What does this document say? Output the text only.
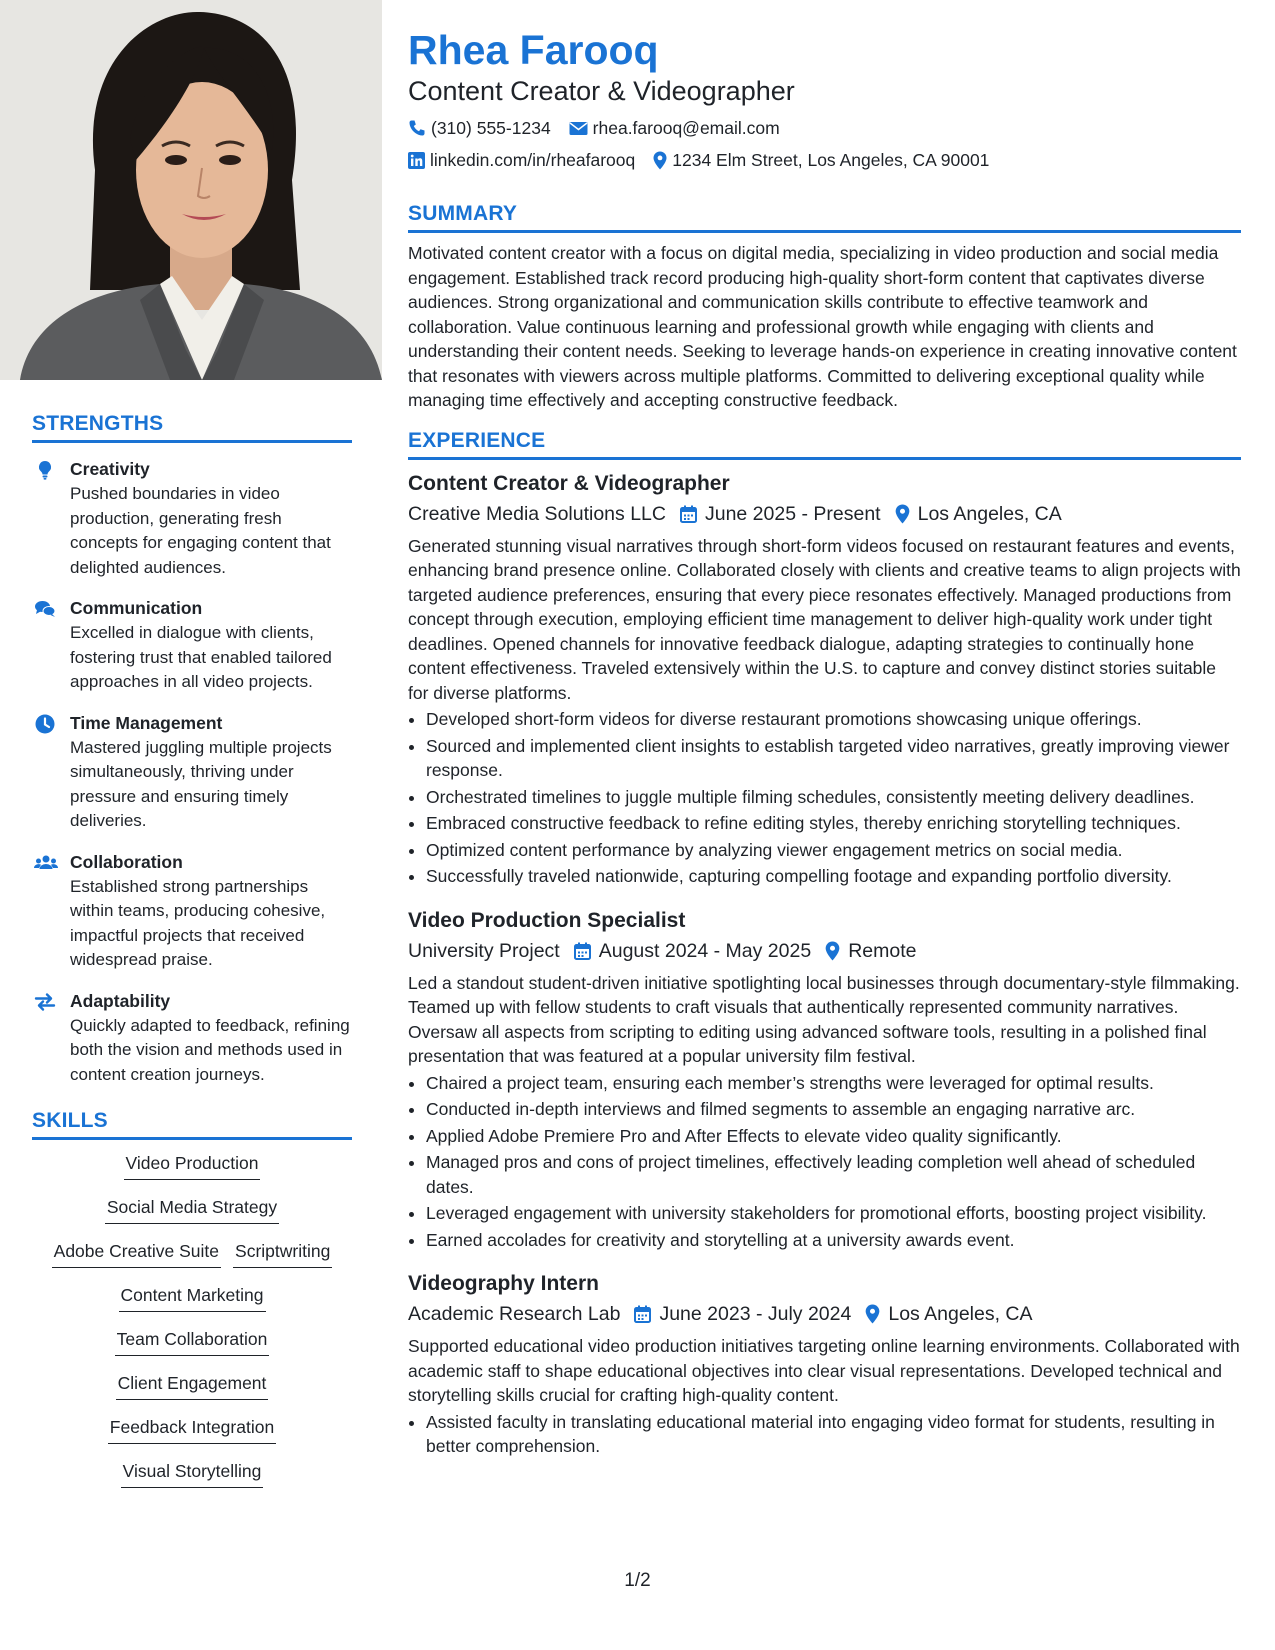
STRENGTHS
Creativity
Pushed boundaries in video production, generating fresh concepts for engaging content that delighted audiences.
Communication
Excelled in dialogue with clients, fostering trust that enabled tailored approaches in all video projects.
Time Management
Mastered juggling multiple projects simultaneously, thriving under pressure and ensuring timely deliveries.
Collaboration
Established strong partnerships within teams, producing cohesive, impactful projects that received widespread praise.
Adaptability
Quickly adapted to feedback, refining both the vision and methods used in content creation journeys.
SKILLS
Video Production
Social Media Strategy
Adobe Creative Suite Scriptwriting
Content Marketing
Team Collaboration
Client Engagement
Feedback Integration
Visual Storytelling
Rhea Farooq
Content Creator & Videographer
(310) 555-1234 rhea.farooq@email.com
linkedin.com/in/rheafarooq 1234 Elm Street, Los Angeles, CA 90001
SUMMARY
Motivated content creator with a focus on digital media, specializing in video production and social media engagement. Established track record producing high-quality short-form content that captivates diverse audiences. Strong organizational and communication skills contribute to effective teamwork and collaboration. Value continuous learning and professional growth while engaging with clients and understanding their content needs. Seeking to leverage hands-on experience in creating innovative content that resonates with viewers across multiple platforms. Committed to delivering exceptional quality while managing time effectively and accepting constructive feedback.
EXPERIENCE
Content Creator & Videographer
Creative Media Solutions LLC June 2025 - Present Los Angeles, CA
Generated stunning visual narratives through short-form videos focused on restaurant features and events, enhancing brand presence online. Collaborated closely with clients and creative teams to align projects with targeted audience preferences, ensuring that every piece resonates effectively. Managed productions from concept through execution, employing efficient time management to deliver high-quality work under tight deadlines. Opened channels for innovative feedback dialogue, adapting strategies to continually hone content effectiveness. Traveled extensively within the U.S. to capture and convey distinct stories suitable for diverse platforms.
• Developed short-form videos for diverse restaurant promotions showcasing unique offerings.
• Sourced and implemented client insights to establish targeted video narratives, greatly improving viewer response.
• Orchestrated timelines to juggle multiple filming schedules, consistently meeting delivery deadlines.
• Embraced constructive feedback to refine editing styles, thereby enriching storytelling techniques.
• Optimized content performance by analyzing viewer engagement metrics on social media.
• Successfully traveled nationwide, capturing compelling footage and expanding portfolio diversity.
Video Production Specialist
University Project August 2024 - May 2025 Remote
Led a standout student-driven initiative spotlighting local businesses through documentary-style filmmaking. Teamed up with fellow students to craft visuals that authentically represented community narratives. Oversaw all aspects from scripting to editing using advanced software tools, resulting in a polished final presentation that was featured at a popular university film festival.
• Chaired a project team, ensuring each member’s strengths were leveraged for optimal results.
• Conducted in-depth interviews and filmed segments to assemble an engaging narrative arc.
• Applied Adobe Premiere Pro and After Effects to elevate video quality significantly.
• Managed pros and cons of project timelines, effectively leading completion well ahead of scheduled dates.
• Leveraged engagement with university stakeholders for promotional efforts, boosting project visibility.
• Earned accolades for creativity and storytelling at a university awards event.
Videography Intern
Academic Research Lab June 2023 - July 2024 Los Angeles, CA
Supported educational video production initiatives targeting online learning environments. Collaborated with academic staff to shape educational objectives into clear visual representations. Developed technical and storytelling skills crucial for crafting high-quality content.
• Assisted faculty in translating educational material into engaging video format for students, resulting in better comprehension.
1/2
